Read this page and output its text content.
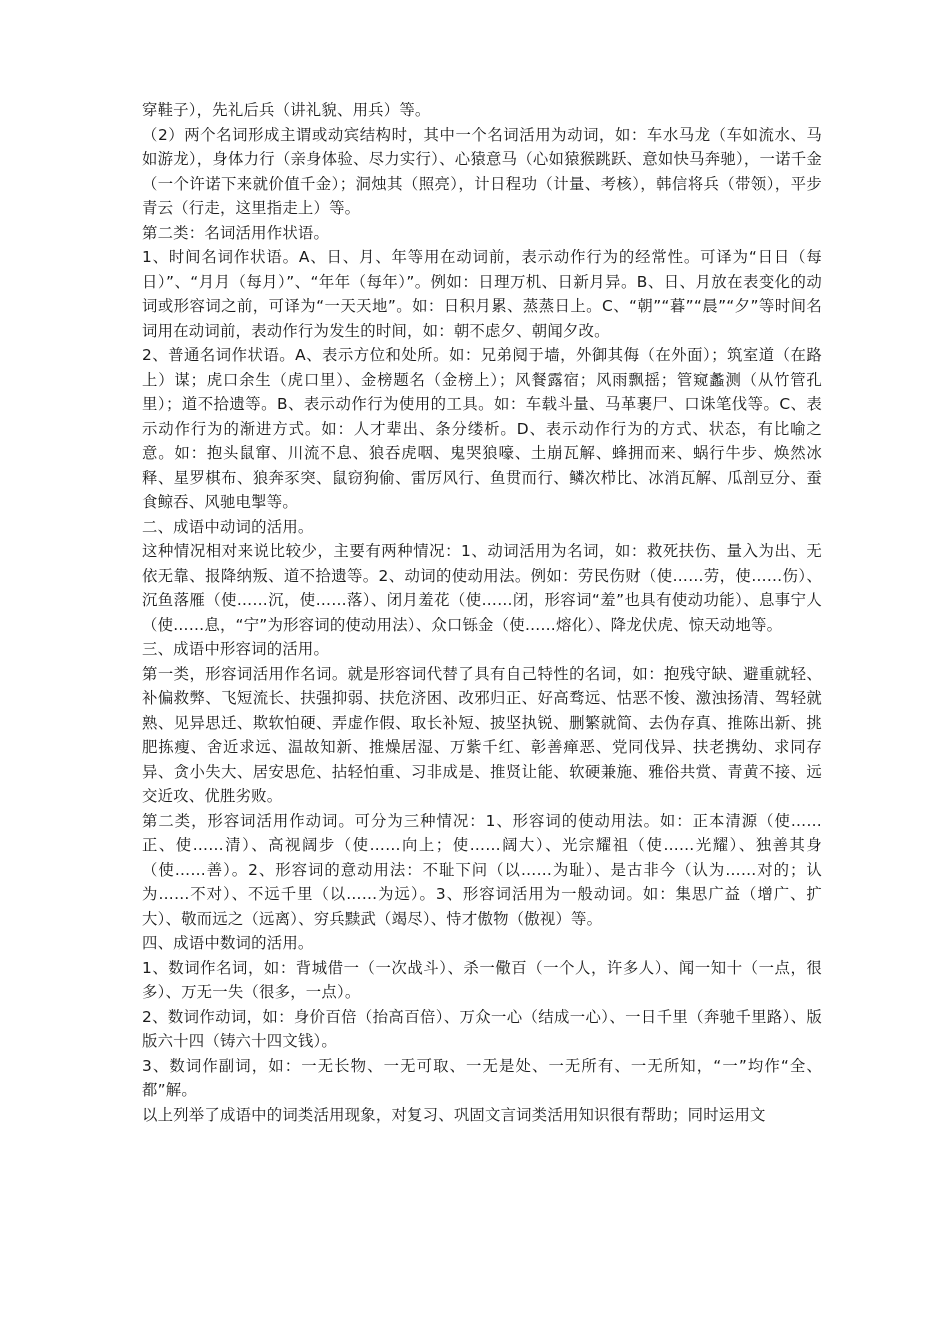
穿鞋子），先礼后兵（讲礼貌、用兵）等。

（2）两个名词形成主谓或动宾结构时，其中一个名词活用为动词，如：车水马龙（车如流水、马如游龙），身体力行（亲身体验、尽力实行）、心猿意马（心如猿猴跳跃、意如快马奔驰），一诺千金（一个许诺下来就价值千金）；洞烛其（照亮），计日程功（计量、考核），韩信将兵（带领），平步青云（行走，这里指走上）等。

第二类：名词活用作状语。

1、时间名词作状语。A、日、月、年等用在动词前，表示动作行为的经常性。可译为“日日（每日）”、“月月（每月）”、“年年（每年）”。例如：日理万机、日新月异。B、日、月放在表变化的动词或形容词之前，可译为“一天天地”。如：日积月累、蒸蒸日上。C、“朝”“暮”“晨”“夕”等时间名词用在动词前，表动作行为发生的时间，如：朝不虑夕、朝闻夕改。

2、普通名词作状语。A、表示方位和处所。如：兄弟阋于墙，外御其侮（在外面）；筑室道（在路上）谋；虎口余生（虎口里）、金榜题名（金榜上）；风餐露宿；风雨飘摇；管窥蠡测（从竹管孔里）；道不拾遗等。B、表示动作行为使用的工具。如：车载斗量、马革裹尸、口诛笔伐等。C、表示动作行为的渐进方式。如：人才辈出、条分缕析。D、表示动作行为的方式、状态，有比喻之意。如：抱头鼠窜、川流不息、狼吞虎咽、鬼哭狼嚎、土崩瓦解、蜂拥而来、蜗行牛步、焕然冰释、星罗棋布、狼奔豕突、鼠窃狗偷、雷厉风行、鱼贯而行、鳞次栉比、冰消瓦解、瓜剖豆分、蚕食鲸吞、风驰电掣等。

二、成语中动词的活用。

这种情况相对来说比较少，主要有两种情况：1、动词活用为名词，如：救死扶伤、量入为出、无依无靠、报降纳叛、道不拾遗等。2、动词的使动用法。例如：劳民伤财（使……劳，使……伤）、沉鱼落雁（使……沉，使……落）、闭月羞花（使……闭，形容词“羞”也具有使动功能）、息事宁人（使……息，“宁”为形容词的使动用法）、众口铄金（使……熔化）、降龙伏虎、惊天动地等。

三、成语中形容词的活用。

第一类，形容词活用作名词。就是形容词代替了具有自己特性的名词，如：抱残守缺、避重就轻、补偏救弊、飞短流长、扶强抑弱、扶危济困、改邪归正、好高骛远、怙恶不悛、激浊扬清、驾轻就熟、见异思迁、欺软怕硬、弄虚作假、取长补短、披坚执锐、删繁就简、去伪存真、推陈出新、挑肥拣瘦、舍近求远、温故知新、推燥居湿、万紫千红、彰善瘅恶、党同伐异、扶老携幼、求同存异、贪小失大、居安思危、拈轻怕重、习非成是、推贤让能、软硬兼施、雅俗共赏、青黄不接、远交近攻、优胜劣败。

第二类，形容词活用作动词。可分为三种情况：1、形容词的使动用法。如：正本清源（使……正、使……清）、高视阔步（使……向上；使……阔大）、光宗耀祖（使……光耀）、独善其身（使……善）。2、形容词的意动用法：不耻下问（以……为耻）、是古非今（认为……对的；认为……不对）、不远千里（以……为远）。3、形容词活用为一般动词。如：集思广益（增广、扩大）、敬而远之（远离）、穷兵黩武（竭尽）、恃才傲物（傲视）等。

四、成语中数词的活用。

1、数词作名词，如：背城借一（一次战斗）、杀一儆百（一个人，许多人）、闻一知十（一点，很多）、万无一失（很多，一点）。

2、数词作动词，如：身价百倍（抬高百倍）、万众一心（结成一心）、一日千里（奔驰千里路）、版版六十四（铸六十四文钱）。

3、数词作副词，如：一无长物、一无可取、一无是处、一无所有、一无所知，“一”均作“全、都”解。

以上列举了成语中的词类活用现象，对复习、巩固文言词类活用知识很有帮助；同时运用文
